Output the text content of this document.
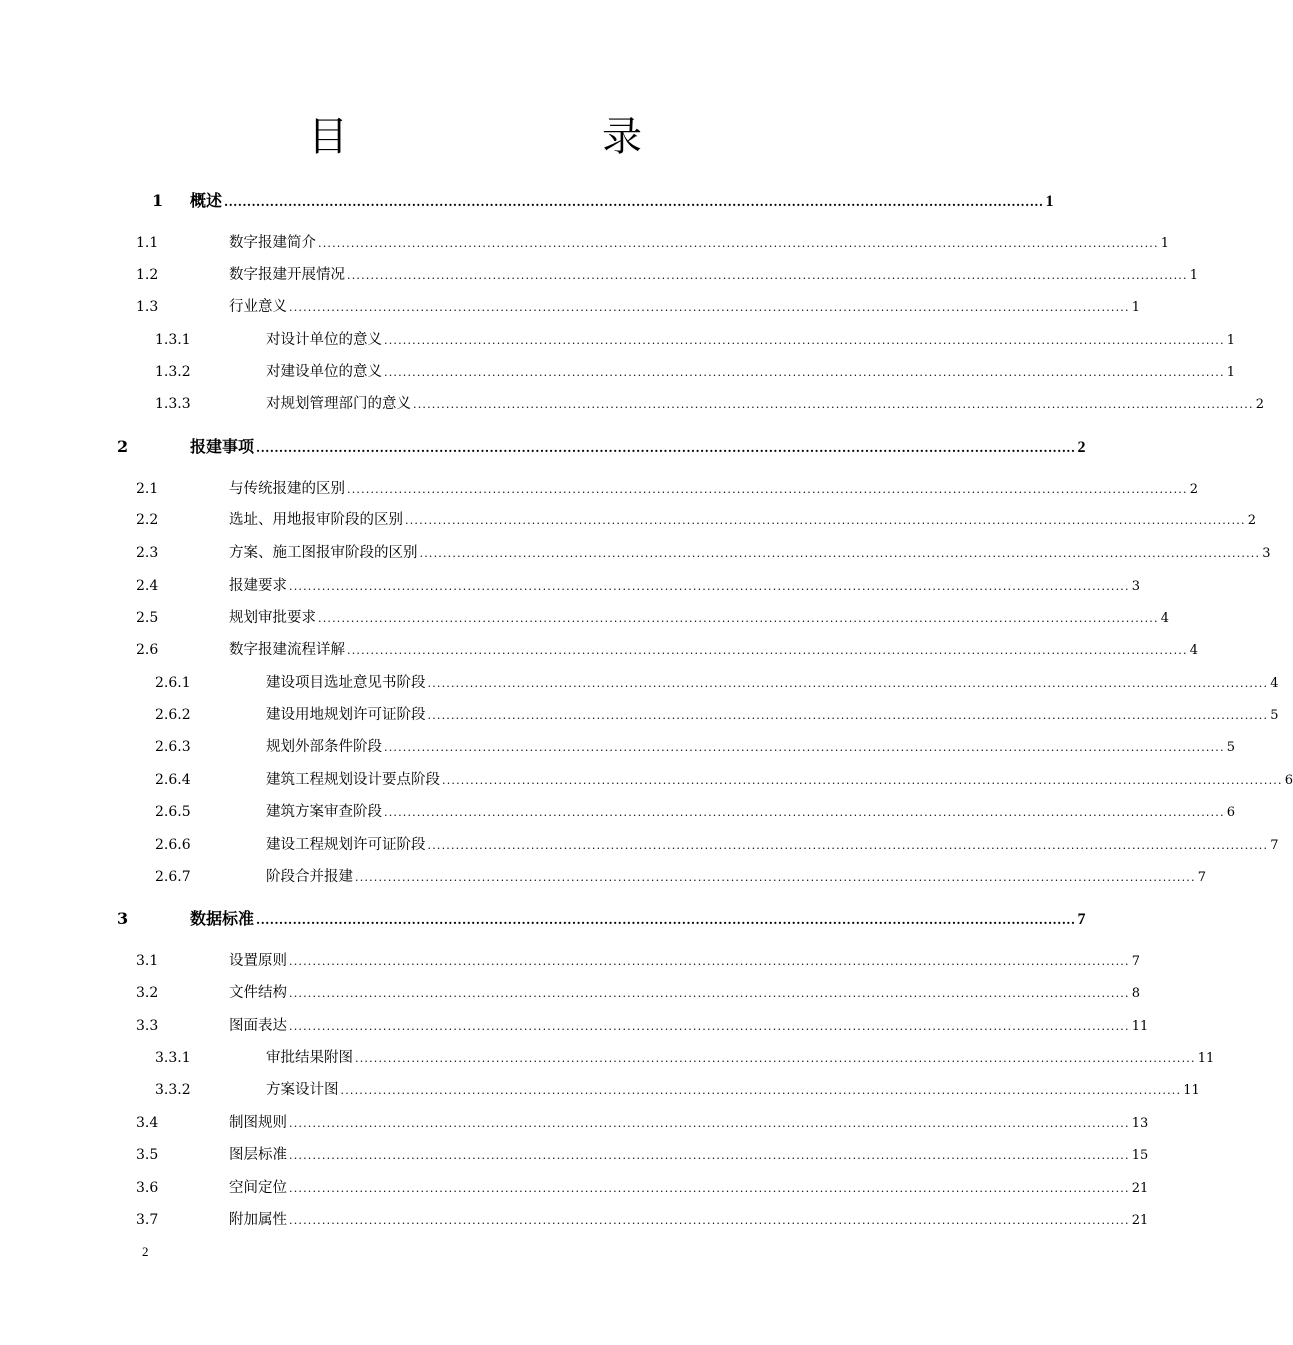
目　　录
1 概述 ................................................................................................................................................................................... 1
1.1	数字报建简介 ................................................................................................................................................................................... 1
1.2	数字报建开展情况 ................................................................................................................................................................................... 1
1.3	行业意义 ................................................................................................................................................................................... 1
1.3.1	对设计单位的意义 ................................................................................................................................................................................... 1
1.3.2	对建设单位的意义 ................................................................................................................................................................................... 1
1.3.3	对规划管理部门的意义 ................................................................................................................................................................................... 2
2	报建事项 ................................................................................................................................................................................... 2
2.1	与传统报建的区别 ................................................................................................................................................................................... 2
2.2	选址、用地报审阶段的区别 ................................................................................................................................................................................... 2
2.3	方案、施工图报审阶段的区别 ................................................................................................................................................................................... 3
2.4	报建要求 ................................................................................................................................................................................... 3
2.5	规划审批要求 ................................................................................................................................................................................... 4
2.6	数字报建流程详解 ................................................................................................................................................................................... 4
2.6.1	建设项目选址意见书阶段 ................................................................................................................................................................................... 4
2.6.2	建设用地规划许可证阶段 ................................................................................................................................................................................... 5
2.6.3	规划外部条件阶段 ................................................................................................................................................................................... 5
2.6.4	建筑工程规划设计要点阶段 ................................................................................................................................................................................... 6
2.6.5	建筑方案审查阶段 ................................................................................................................................................................................... 6
2.6.6	建设工程规划许可证阶段 ................................................................................................................................................................................... 7
2.6.7	阶段合并报建 ................................................................................................................................................................................... 7
3	数据标准 ................................................................................................................................................................................... 7
3.1	设置原则 ................................................................................................................................................................................... 7
3.2	文件结构 ................................................................................................................................................................................... 8
3.3	图面表达 ................................................................................................................................................................................... 11
3.3.1	审批结果附图 ................................................................................................................................................................................... 11
3.3.2	方案设计图 ................................................................................................................................................................................... 11
3.4	制图规则 ................................................................................................................................................................................... 13
3.5	图层标准 ................................................................................................................................................................................... 15
3.6	空间定位 ................................................................................................................................................................................... 21
3.7	附加属性 ................................................................................................................................................................................... 21
2
